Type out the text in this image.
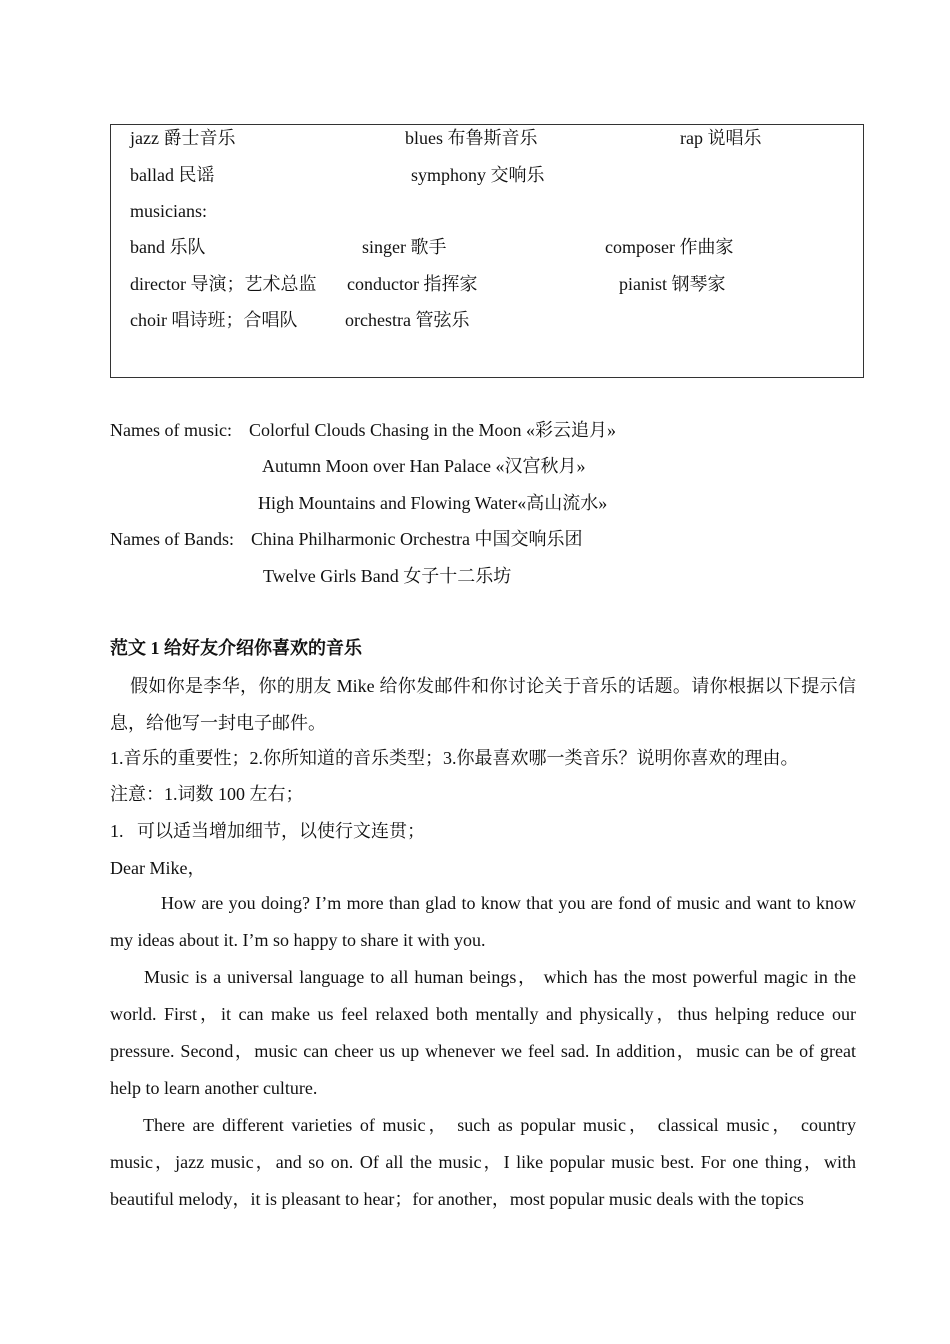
jazz 爵士音乐	blues 布鲁斯音乐	rap 说唱乐
ballad 民谣	symphony 交响乐
musicians:
band 乐队	singer 歌手	composer 作曲家
director 导演；艺术总监 conductor 指挥家	pianist 钢琴家
choir 唱诗班；合唱队	orchestra 管弦乐
Names of music: Colorful Clouds Chasing in the Moon «彩云追月»
Autumn Moon over Han Palace «汉宫秋月»
High Mountains and Flowing Water«高山流水»
Names of Bands: China Philharmonic Orchestra 中国交响乐团
Twelve Girls Band 女子十二乐坊
范文 1 给好友介绍你喜欢的音乐

假如你是李华，你的朋友 Mike 给你发邮件和你讨论关于音乐的话题。请你根据以下提示信息，给他写一封电子邮件。

1.音乐的重要性；2.你所知道的音乐类型；3.你最喜欢哪一类音乐？说明你喜欢的理由。
注意：1.词数 100 左右；
1.   可以适当增加细节，以使行文连贯；
Dear Mike，

How are you doing? I’m more than glad to know that you are fond of music and want to know my ideas about it. I’m so happy to share it with you.

Music is a universal language to all human beings， which has the most powerful magic in the world. First，it can make us feel relaxed both mentally and physically，thus helping reduce our pressure. Second，music can cheer us up whenever we feel sad. In addition，music can be of great help to learn another culture.

There are different varieties of music， such as popular music， classical music， country music，jazz music，and so on. Of all the music，I like popular music best. For one thing，with beautiful melody，it is pleasant to hear；for another，most popular music deals with the topics
